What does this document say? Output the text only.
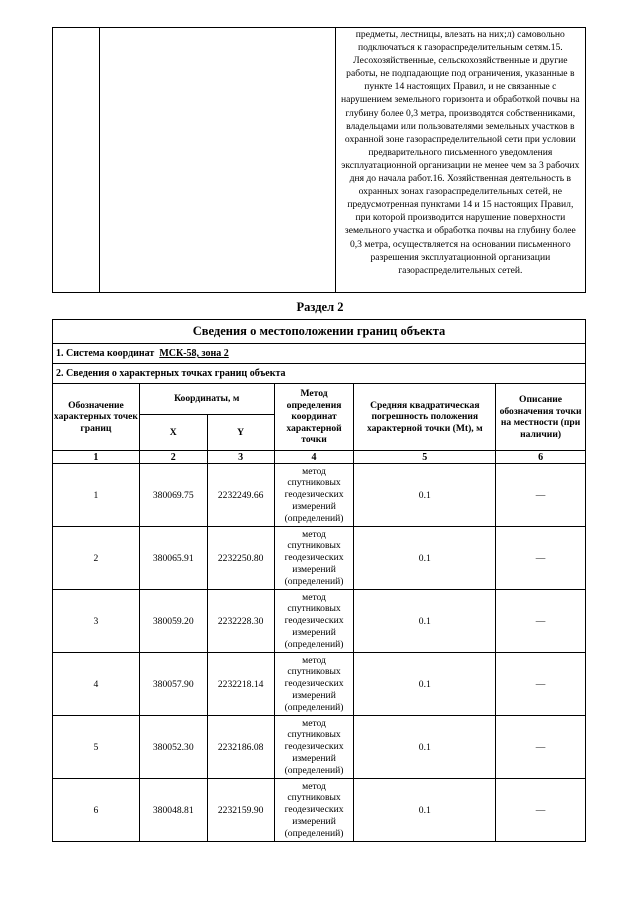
предметы, лестницы, влезать на них;л) самовольно подключаться к газораспределительным сетям.15. Лесохозяйственные, сельскохозяйственные и другие работы, не подпадающие под ограничения, указанные в пункте 14 настоящих Правил, и не связанные с нарушением земельного горизонта и обработкой почвы на глубину более 0,3 метра, производятся собственниками, владельцами или пользователями земельных участков в охранной зоне газораспределительной сети при условии предварительного письменного уведомления эксплуатационной организации не менее чем за 3 рабочих дня до начала работ.16. Хозяйственная деятельность в охранных зонах газораспределительных сетей, не предусмотренная пунктами 14 и 15 настоящих Правил, при которой производится нарушение поверхности земельного участка и обработка почвы на глубину более 0,3 метра, осуществляется на основании письменного разрешения эксплуатационной организации газораспределительных сетей.
Раздел 2
Сведения о местоположении границ объекта					
1. Система координат МСК-58, зона 2					
2. Сведения о характерных точках границ объекта					
Обозначение характерных точек границ	Координаты, м		Метод определения координат характерной точки	Средняя квадратическая погрешность положения характерной точки (Mt), м	Описание обозначения точки на местности (при наличии)
	X	Y			
1	2	3	4	5	6
1	380069.75	2232249.66	метод спутниковых геодезических измерений (определений)	0.1	—
2	380065.91	2232250.80	метод спутниковых геодезических измерений (определений)	0.1	—
3	380059.20	2232228.30	метод спутниковых геодезических измерений (определений)	0.1	—
4	380057.90	2232218.14	метод спутниковых геодезических измерений (определений)	0.1	—
5	380052.30	2232186.08	метод спутниковых геодезических измерений (определений)	0.1	—
6	380048.81	2232159.90	метод спутниковых геодезических измерений (определений)	0.1	—
